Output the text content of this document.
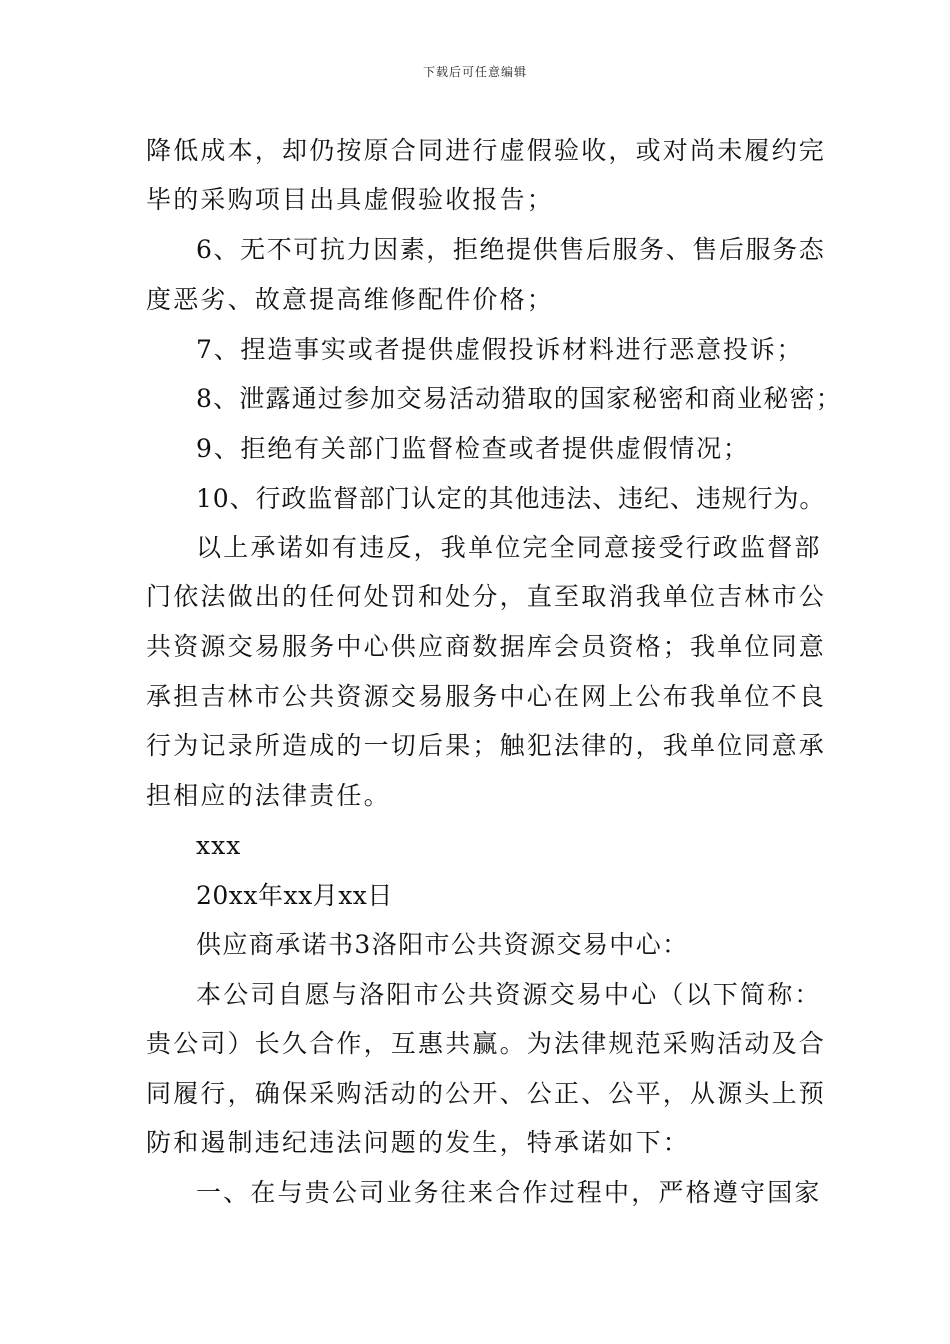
下载后可任意编辑
降低成本，却仍按原合同进行虚假验收，或对尚未履约完
毕的采购项目出具虚假验收报告；
6、无不可抗力因素，拒绝提供售后服务、售后服务态
度恶劣、故意提高维修配件价格；
7、捏造事实或者提供虚假投诉材料进行恶意投诉；
8、泄露通过参加交易活动猎取的国家秘密和商业秘密；
9、拒绝有关部门监督检查或者提供虚假情况；
10、行政监督部门认定的其他违法、违纪、违规行为。
以上承诺如有违反，我单位完全同意接受行政监督部
门依法做出的任何处罚和处分，直至取消我单位吉林市公
共资源交易服务中心供应商数据库会员资格；我单位同意
承担吉林市公共资源交易服务中心在网上公布我单位不良
行为记录所造成的一切后果；触犯法律的，我单位同意承
担相应的法律责任。
xxx
20xx年xx月xx日
供应商承诺书3洛阳市公共资源交易中心：
本公司自愿与洛阳市公共资源交易中心（以下简称：
贵公司）长久合作，互惠共赢。为法律规范采购活动及合
同履行，确保采购活动的公开、公正、公平，从源头上预
防和遏制违纪违法问题的发生，特承诺如下：
一、在与贵公司业务往来合作过程中，严格遵守国家
